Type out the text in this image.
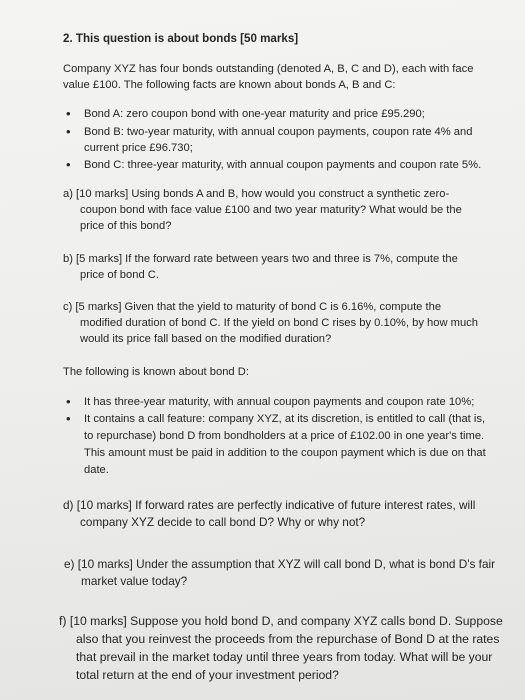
2. This question is about bonds [50 marks]
Company XYZ has four bonds outstanding (denoted A, B, C and D), each with face
value £100. The following facts are known about bonds A, B and C:
• Bond A: zero coupon bond with one-year maturity and price £95.290;
• Bond B: two-year maturity, with annual coupon payments, coupon rate 4% and
current price £96.730;
• Bond C: three-year maturity, with annual coupon payments and coupon rate 5%.
a) [10 marks] Using bonds A and B, how would you construct a synthetic zero-
coupon bond with face value £100 and two year maturity? What would be the
price of this bond?
b) [5 marks] If the forward rate between years two and three is 7%, compute the
price of bond C.
c) [5 marks] Given that the yield to maturity of bond C is 6.16%, compute the
modified duration of bond C. If the yield on bond C rises by 0.10%, by how much
would its price fall based on the modified duration?
The following is known about bond D:
• It has three-year maturity, with annual coupon payments and coupon rate 10%;
• It contains a call feature: company XYZ, at its discretion, is entitled to call (that is,
to repurchase) bond D from bondholders at a price of £102.00 in one year's time.
This amount must be paid in addition to the coupon payment which is due on that
date.
d) [10 marks] If forward rates are perfectly indicative of future interest rates, will
company XYZ decide to call bond D? Why or why not?
e) [10 marks] Under the assumption that XYZ will call bond D, what is bond D's fair
market value today?
f) [10 marks] Suppose you hold bond D, and company XYZ calls bond D. Suppose
also that you reinvest the proceeds from the repurchase of Bond D at the rates
that prevail in the market today until three years from today. What will be your
total return at the end of your investment period?
